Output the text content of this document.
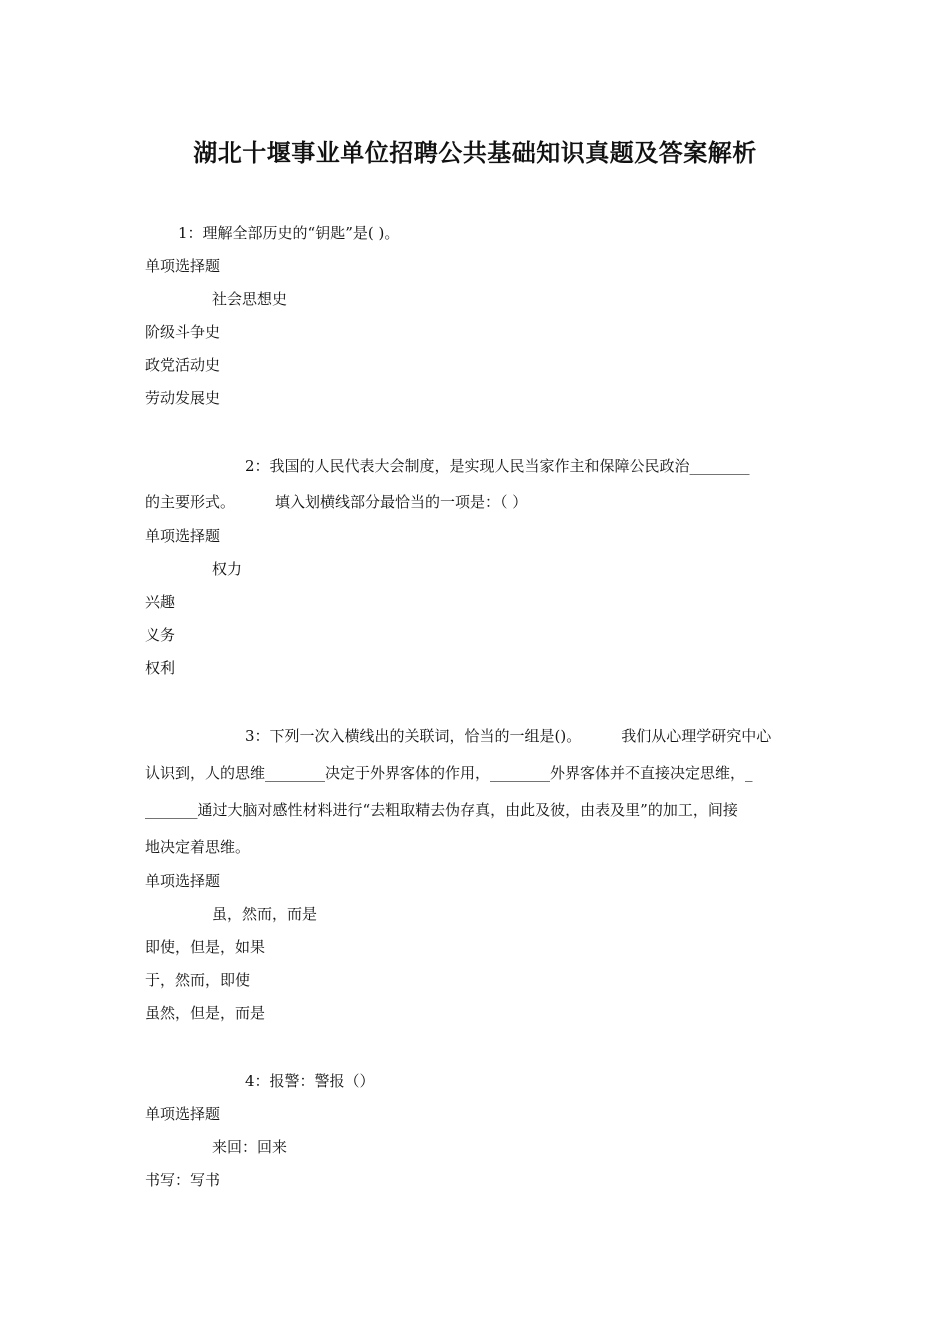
湖北十堰事业单位招聘公共基础知识真题及答案解析
1：理解全部历史的“钥匙”是( )。
单项选择题
社会思想史
阶级斗争史
政党活动史
劳动发展史
2：我国的人民代表大会制度，是实现人民当家作主和保障公民政治________
的主要形式。	填入划横线部分最恰当的一项是：（ ）
单项选择题
权力
兴趣
义务
权利
3：下列一次入横线出的关联词，恰当的一组是()。	我们从心理学研究中心
认识到，人的思维________决定于外界客体的作用，________外界客体并不直接决定思维，_
_______通过大脑对感性材料进行“去粗取精去伪存真，由此及彼，由表及里”的加工，间接
地决定着思维。
单项选择题
虽，然而，而是
即使，但是，如果
于，然而，即使
虽然，但是，而是
4：报警：警报（）
单项选择题
来回：回来
书写：写书
